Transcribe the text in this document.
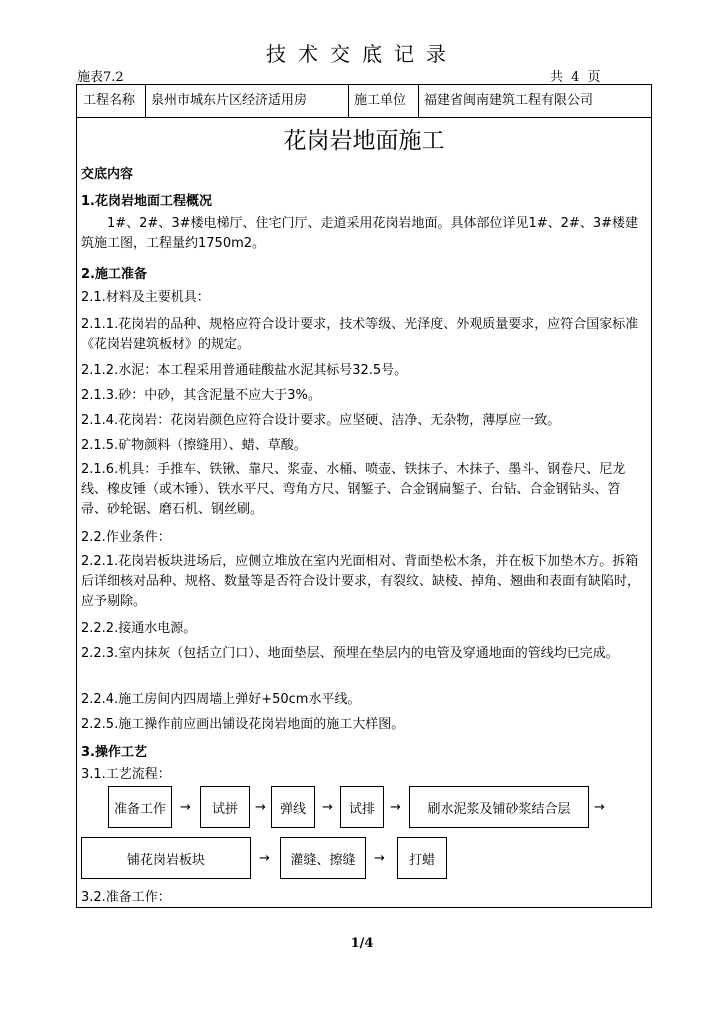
技术交底记录
施表7.2	共 4 页
工程名称	泉州市城东片区经济适用房	施工单位	福建省闽南建筑工程有限公司
花岗岩地面施工
交底内容
1.花岗岩地面工程概况
1#、2#、3#楼电梯厅、住宅门厅、走道采用花岗岩地面。具体部位详见1#、2#、3#楼建筑施工图，工程量约1750m2。
2.施工准备
2.1.材料及主要机具：
2.1.1.花岗岩的品种、规格应符合设计要求，技术等级、光泽度、外观质量要求，应符合国家标准《花岗岩建筑板材》的规定。
2.1.2.水泥：本工程采用普通硅酸盐水泥其标号32.5号。
2.1.3.砂：中砂，其含泥量不应大于3%。
2.1.4.花岗岩：花岗岩颜色应符合设计要求。应坚硬、洁净、无杂物，薄厚应一致。
2.1.5.矿物颜料（擦缝用）、蜡、草酸。
2.1.6.机具：手推车、铁锹、靠尺、浆壶、水桶、喷壶、铁抹子、木抹子、墨斗、钢卷尺、尼龙线、橡皮锤（或木锤）、铁水平尺、弯角方尺、钢錾子、合金钢扁錾子、台钻、合金钢钻头、笤帚、砂轮锯、磨石机、钢丝刷。
2.2.作业条件：
2.2.1.花岗岩板块进场后，应侧立堆放在室内光面相对、背面垫松木条，并在板下加垫木方。拆箱后详细核对品种、规格、数量等是否符合设计要求，有裂纹、缺棱、掉角、翘曲和表面有缺陷时，应予剔除。
2.2.2.接通水电源。
2.2.3.室内抹灰（包括立门口）、地面垫层、预埋在垫层内的电管及穿通地面的管线均已完成。
2.2.4.施工房间内四周墙上弹好+50cm水平线。
2.2.5.施工操作前应画出铺设花岗岩地面的施工大样图。
3.操作工艺
3.1.工艺流程：
准备工作	→	试拼	→	弹线	→	试排	→	刷水泥浆及铺砂浆结合层	→
铺花岗岩板块	→	灌缝、擦缝	→	打蜡
3.2.准备工作：
1/4
